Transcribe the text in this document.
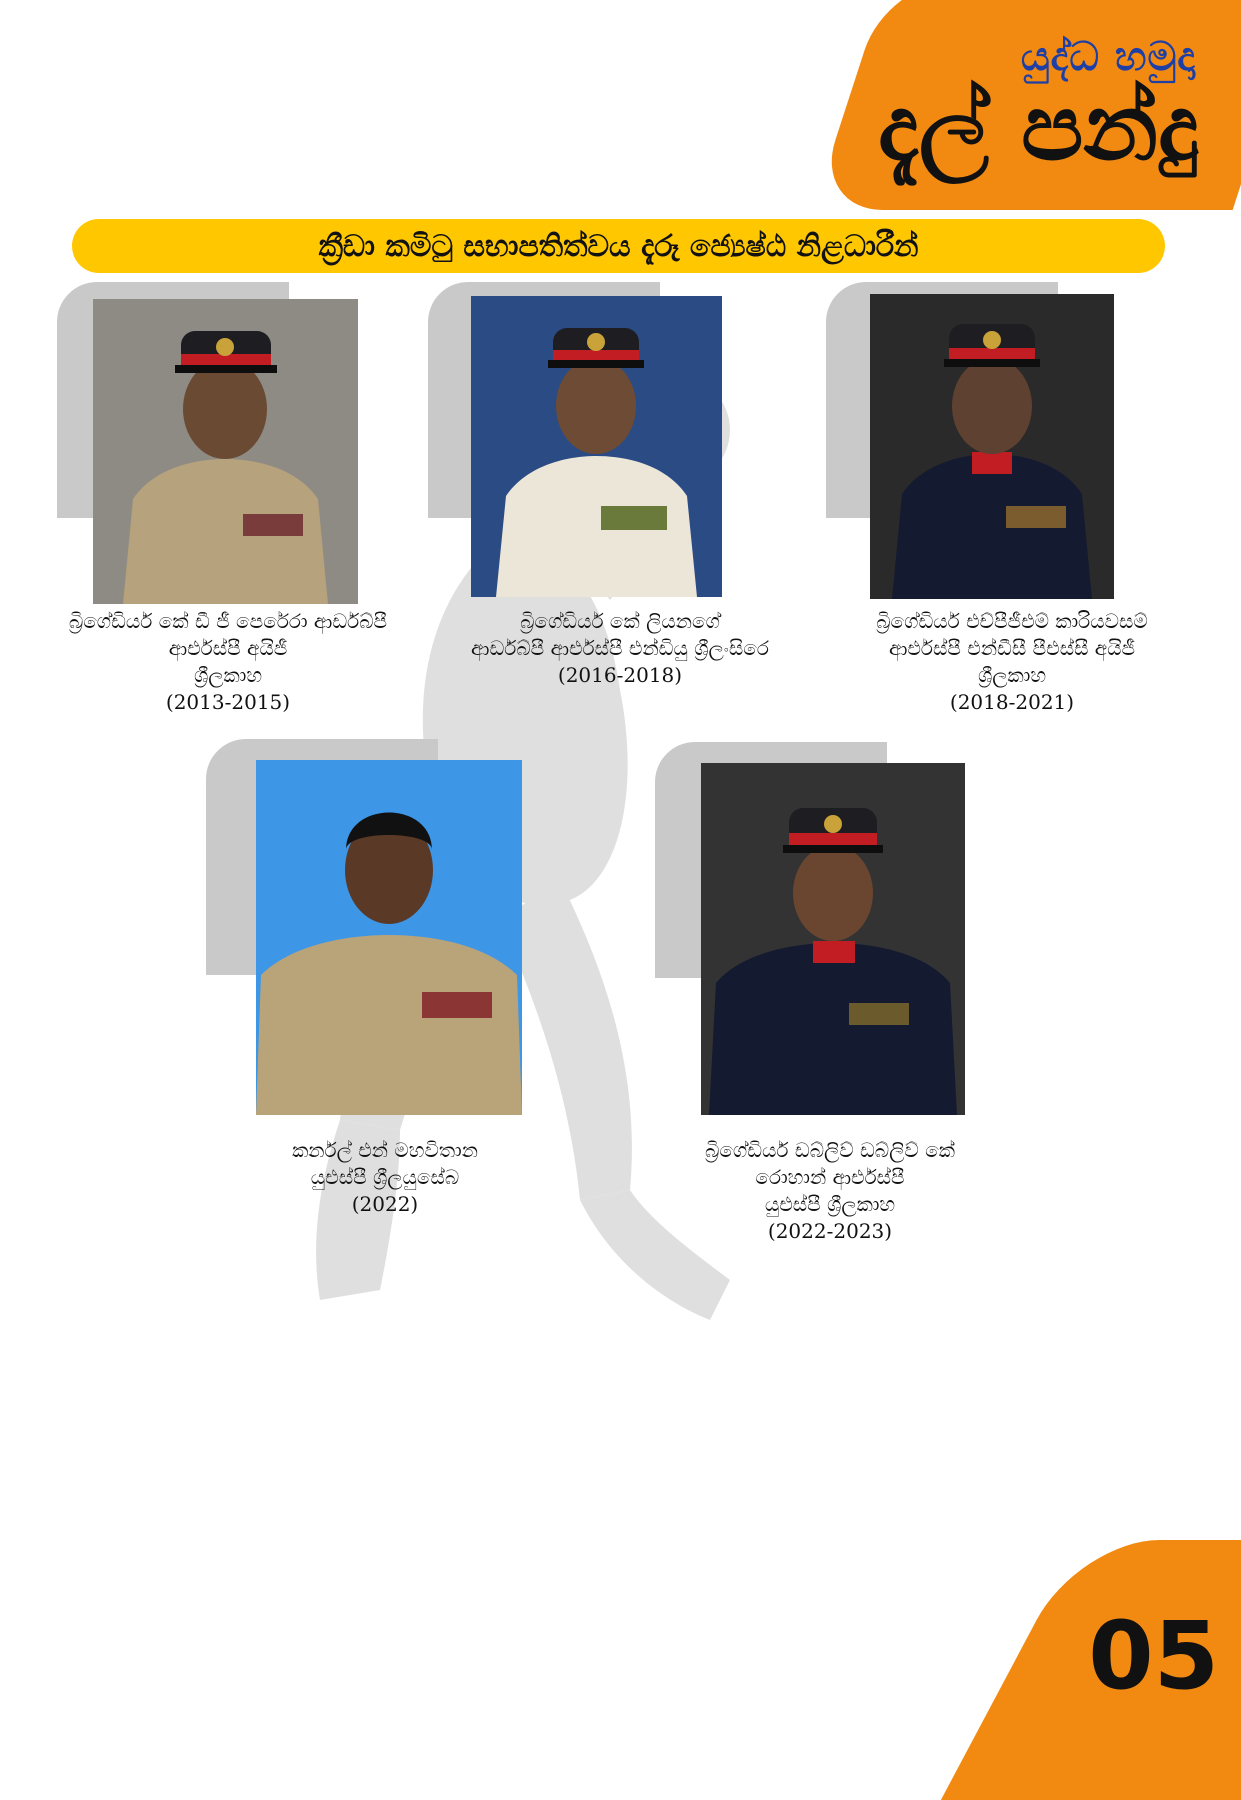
යුද්ධ හමුදා
දැල් පන්දු
ක්‍රීඩා කමිටු සභාපතිත්වය දැරූ ජ්‍යෙෂ්ඨ නිළධාරීන්
බ්‍රිගේඩියර් කේ ඩී ජී පෙරේරා ආර්ඩබ්පී
ආර්එස්පී අයිජී
ශ්‍රීලකාහ
(2013-2015)
බ්‍රිගේඩියර් කේ ලියනගේ
ආර්ඩබ්පී ආර්එස්පී එන්ඩියු ශ්‍රීලංසිරෙ
(2016-2018)
බ්‍රිගේඩියර් එච්පීජීඑම් කාරියවසම්
ආර්එස්පී එන්ඩීසී පීඑස්සී අයිජී
ශ්‍රීලකාහ
(2018-2021)
කර්නල් එන් මහවිතාන
යුඑස්පී ශ්‍රීලයුසේබ
(2022)
බ්‍රිගේඩියර් ඩබ්ලිව් ඩබ්ලිව් කේ
රොහාන් ආර්එස්පී
යුඑස්පී ශ්‍රීලකාහ
(2022-2023)
05
